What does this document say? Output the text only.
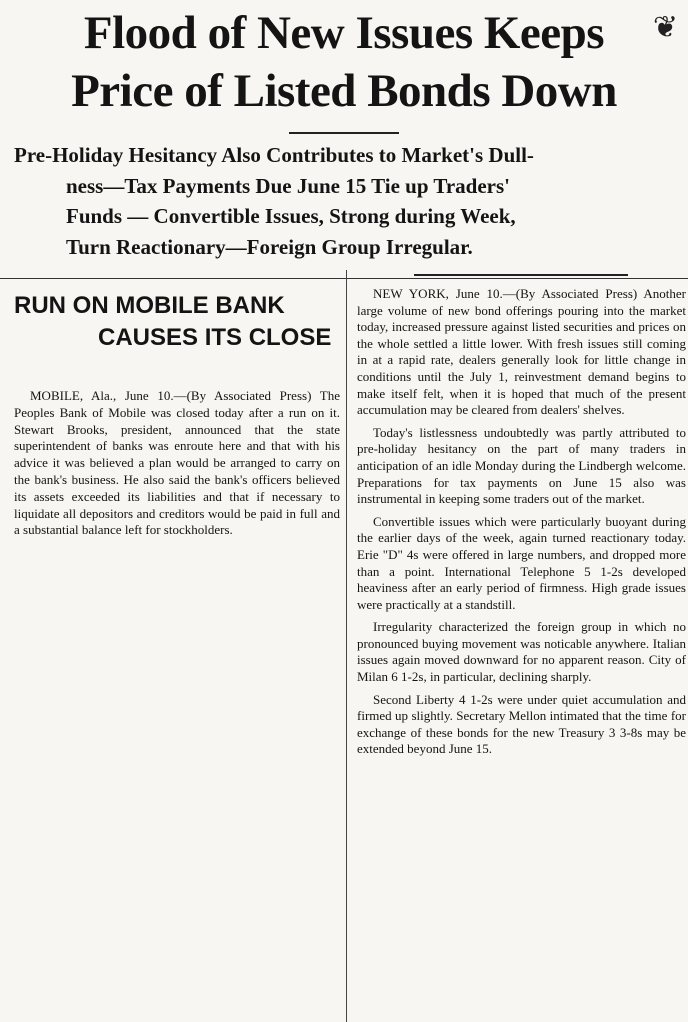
❦
Flood of New Issues Keeps
Price of Listed Bonds Down
Pre-Holiday Hesitancy Also Contributes to Market's Dull-
ness—Tax Payments Due June 15 Tie up Traders'
Funds — Convertible Issues, Strong during Week,
Turn Reactionary—Foreign Group Irregular.
RUN ON MOBILE BANK
CAUSES ITS CLOSE

MOBILE, Ala., June 10.—(By Associated Press) The Peoples Bank of Mobile was closed today after a run on it. Stewart Brooks, president, announced that the state superintendent of banks was enroute here and that with his advice it was believed a plan would be arranged to carry on the bank's business. He also said the bank's officers believed its assets exceeded its liabilities and that if necessary to liquidate all depositors and creditors would be paid in full and a substantial balance left for stockholders.

NEW YORK, June 10.—(By Associated Press) Another large volume of new bond offerings pouring into the market today, increased pressure against listed securities and prices on the whole settled a little lower. With fresh issues still coming in at a rapid rate, dealers generally look for little change in conditions until the July 1, reinvestment demand begins to make itself felt, when it is hoped that much of the present accumulation may be cleared from dealers' shelves.

Today's listlessness undoubtedly was partly attributed to pre-holiday hesitancy on the part of many traders in anticipation of an idle Monday during the Lindbergh welcome. Preparations for tax payments on June 15 also was instrumental in keeping some traders out of the market.

Convertible issues which were particularly buoyant during the earlier days of the week, again turned reactionary today. Erie "D" 4s were offered in large numbers, and dropped more than a point. International Telephone 5 1-2s developed heaviness after an early period of firmness. High grade issues were practically at a standstill.

Irregularity characterized the foreign group in which no pronounced buying movement was noticable anywhere. Italian issues again moved downward for no apparent reason. City of Milan 6 1-2s, in particular, declining sharply.

Second Liberty 4 1-2s were under quiet accumulation and firmed up slightly. Secretary Mellon intimated that the time for exchange of these bonds for the new Treasury 3 3-8s may be extended beyond June 15.
